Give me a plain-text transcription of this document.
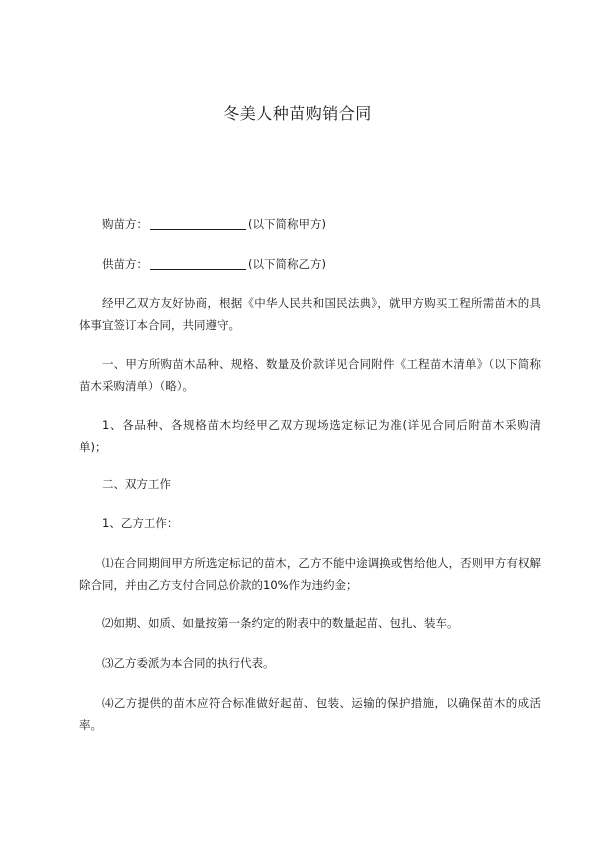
冬美人种苗购销合同

购苗方：	(以下简称甲方)

供苗方：	(以下简称乙方)

经甲乙双方友好协商，根据《中华人民共和国民法典》，就甲方购买工程所需苗木的具体事宜签订本合同，共同遵守。

一、甲方所购苗木品种、规格、数量及价款详见合同附件《工程苗木清单》（以下简称苗木采购清单）（略）。

1、各品种、各规格苗木均经甲乙双方现场选定标记为准(详见合同后附苗木采购清单)；

二、双方工作

1、乙方工作：

⑴在合同期间甲方所选定标记的苗木，乙方不能中途调换或售给他人，否则甲方有权解除合同，并由乙方支付合同总价款的10%作为违约金；

⑵如期、如质、如量按第一条约定的附表中的数量起苗、包扎、装车。

⑶乙方委派为本合同的执行代表。

⑷乙方提供的苗木应符合标准做好起苗、包装、运输的保护措施，以确保苗木的成活率。
